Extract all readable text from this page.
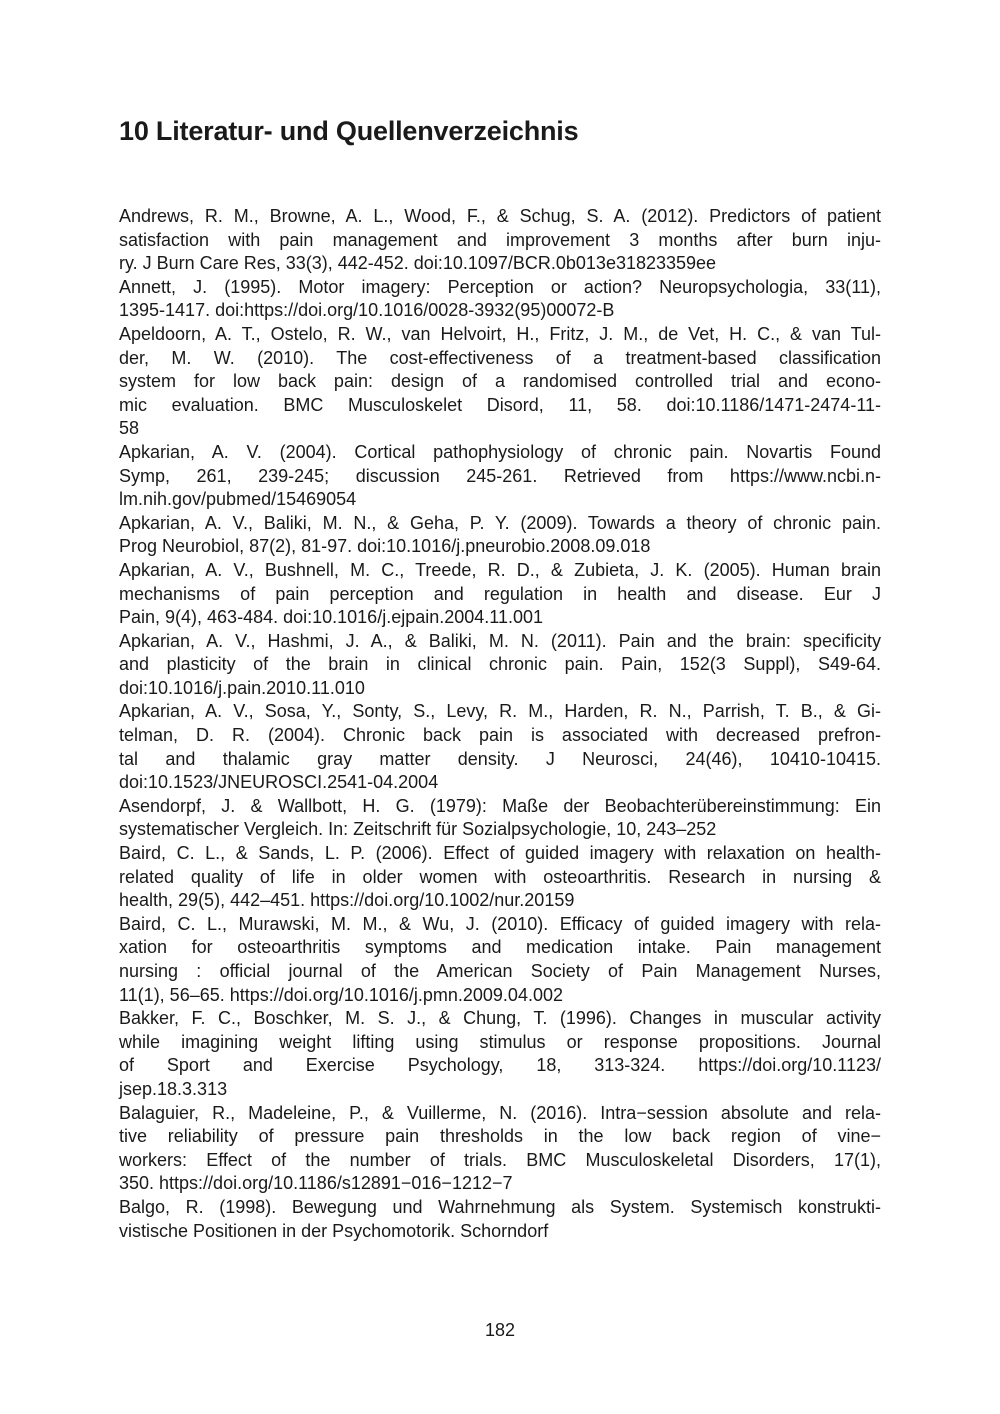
10 Literatur- und Quellenverzeichnis
Andrews, R. M., Browne, A. L., Wood, F., & Schug, S. A. (2012). Predictors of patient
satisfaction with pain management and improvement 3 months after burn inju-
ry. J Burn Care Res, 33(3), 442-452. doi:10.1097/BCR.0b013e31823359ee
Annett, J. (1995). Motor imagery: Perception or action? Neuropsychologia, 33(11),
1395-1417. doi:https://doi.org/10.1016/0028-3932(95)00072-B
Apeldoorn, A. T., Ostelo, R. W., van Helvoirt, H., Fritz, J. M., de Vet, H. C., & van Tul-
der, M. W. (2010). The cost-effectiveness of a treatment-based classification
system for low back pain: design of a randomised controlled trial and econo-
mic evaluation. BMC Musculoskelet Disord, 11, 58. doi:10.1186/1471-2474-11-
58
Apkarian, A. V. (2004). Cortical pathophysiology of chronic pain. Novartis Found
Symp, 261, 239-245; discussion 245-261. Retrieved from https://www.ncbi.n-
lm.nih.gov/pubmed/15469054
Apkarian, A. V., Baliki, M. N., & Geha, P. Y. (2009). Towards a theory of chronic pain.
Prog Neurobiol, 87(2), 81-97. doi:10.1016/j.pneurobio.2008.09.018
Apkarian, A. V., Bushnell, M. C., Treede, R. D., & Zubieta, J. K. (2005). Human brain
mechanisms of pain perception and regulation in health and disease. Eur J
Pain, 9(4), 463-484. doi:10.1016/j.ejpain.2004.11.001
Apkarian, A. V., Hashmi, J. A., & Baliki, M. N. (2011). Pain and the brain: specificity
and plasticity of the brain in clinical chronic pain. Pain, 152(3 Suppl), S49-64.
doi:10.1016/j.pain.2010.11.010
Apkarian, A. V., Sosa, Y., Sonty, S., Levy, R. M., Harden, R. N., Parrish, T. B., & Gi-
telman, D. R. (2004). Chronic back pain is associated with decreased prefron-
tal and thalamic gray matter density. J Neurosci, 24(46), 10410-10415.
doi:10.1523/JNEUROSCI.2541-04.2004
Asendorpf, J. & Wallbott, H. G. (1979): Maße der Beobachterübereinstimmung: Ein
systematischer Vergleich. In: Zeitschrift für Sozialpsychologie, 10, 243–252
Baird, C. L., & Sands, L. P. (2006). Effect of guided imagery with relaxation on health-
related quality of life in older women with osteoarthritis. Research in nursing &
health, 29(5), 442–451. https://doi.org/10.1002/nur.20159
Baird, C. L., Murawski, M. M., & Wu, J. (2010). Efficacy of guided imagery with rela-
xation for osteoarthritis symptoms and medication intake. Pain management
nursing : official journal of the American Society of Pain Management Nurses,
11(1), 56–65. https://doi.org/10.1016/j.pmn.2009.04.002
Bakker, F. C., Boschker, M. S. J., & Chung, T. (1996). Changes in muscular activity
while imagining weight lifting using stimulus or response propositions. Journal
of Sport and Exercise Psychology, 18, 313-324. https://doi.org/10.1123/
jsep.18.3.313
Balaguier, R., Madeleine, P., & Vuillerme, N. (2016). Intra−session absolute and rela-
tive reliability of pressure pain thresholds in the low back region of vine−
workers: Effect of the number of trials. BMC Musculoskeletal Disorders, 17(1),
350. https://doi.org/10.1186/s12891−016−1212−7
Balgo, R. (1998). Bewegung und Wahrnehmung als System. Systemisch konstrukti-
vistische Positionen in der Psychomotorik. Schorndorf
182
